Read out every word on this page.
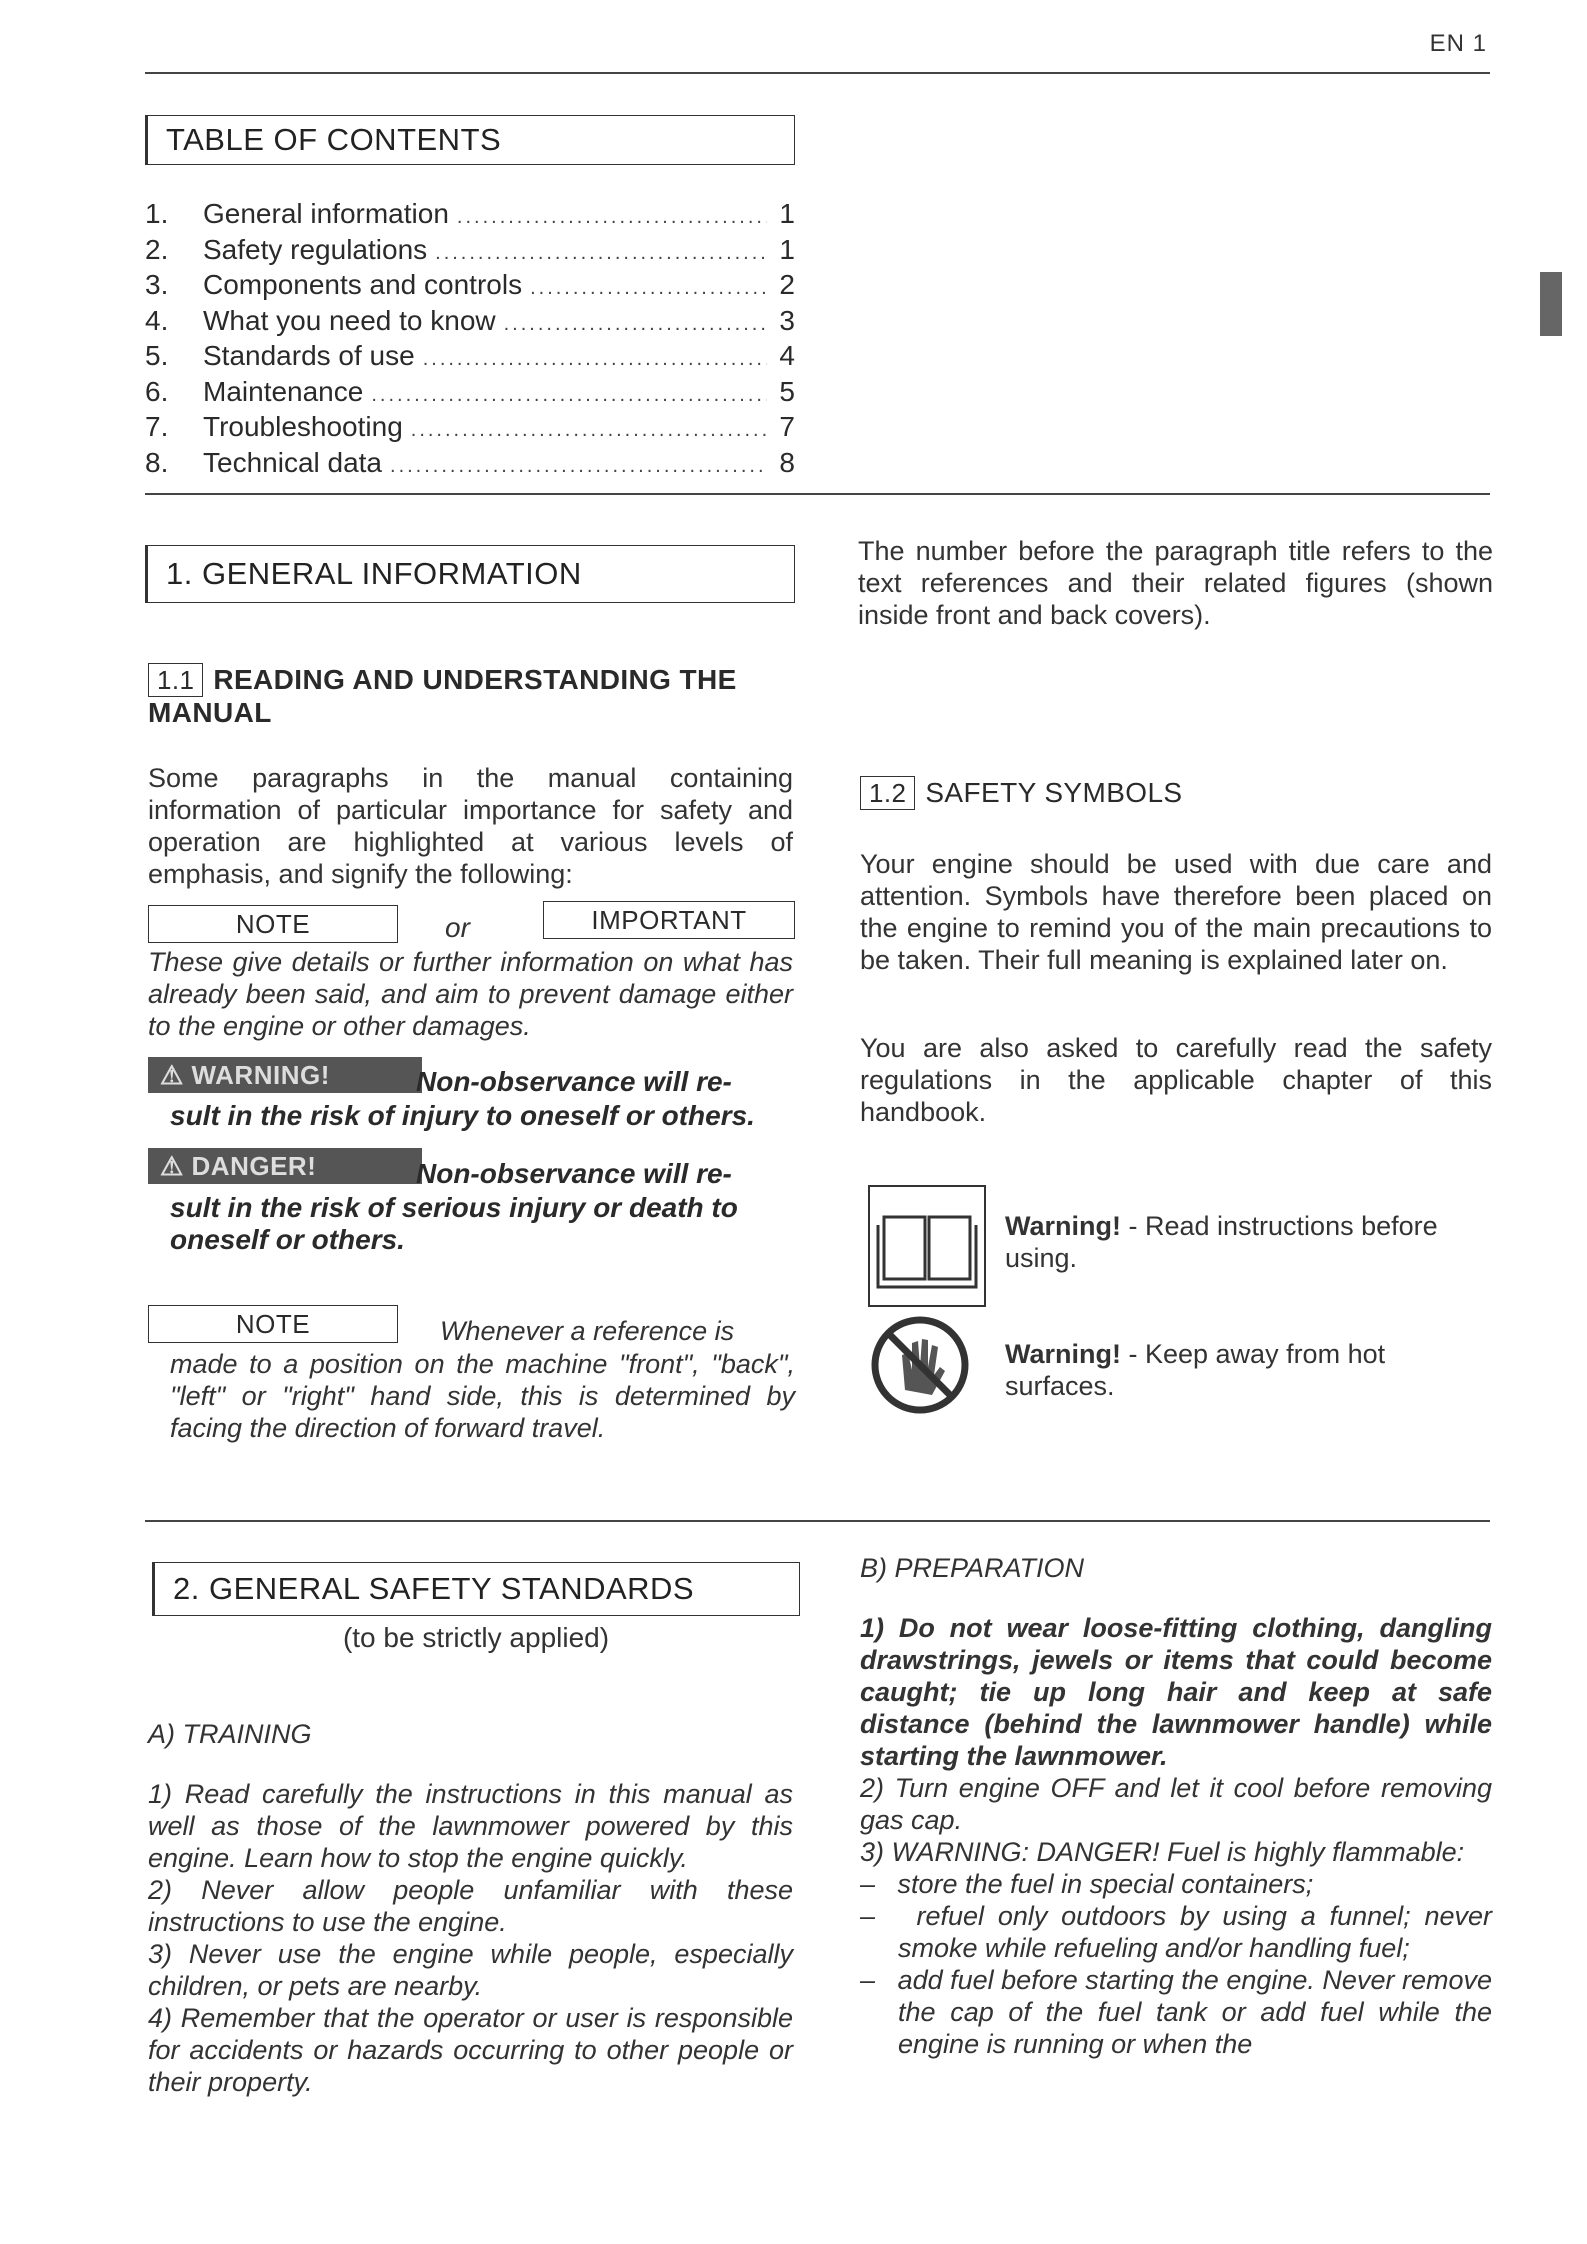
EN 1
TABLE OF CONTENTS
1.	General information .....	1
2.	Safety regulations .....	1
3.	Components and controls .....	2
4.	What you need to know .....	3
5.	Standards of use .....	4
6.	Maintenance .....	5
7.	Troubleshooting .....	7
8.	Technical data .....	8
1. GENERAL INFORMATION
The number before the paragraph title refers to the text references and their related figures (shown inside front and back covers).
1.1 READING AND UNDERSTANDING THE
MANUAL
Some paragraphs in the manual containing information of particular importance for safety and operation are highlighted at various levels of emphasis, and signify the following:
NOTE	or	IMPORTANT
These give details or further information on what has already been said, and aim to prevent damage either to the engine or other damages.
⚠ WARNING!	Non-observance will re-
sult in the risk of injury to oneself or others.
⚠ DANGER!	Non-observance will re-
sult in the risk of serious injury or death to oneself or others.
NOTE	Whenever a reference is
made to a position on the machine "front", "back", "left" or "right" hand side, this is determined by facing the direction of forward travel.
1.2 SAFETY SYMBOLS
Your engine should be used with due care and attention. Symbols have therefore been placed on the engine to remind you of the main precautions to be taken. Their full meaning is explained later on.
You are also asked to carefully read the safety regulations in the applicable chapter of this handbook.
Warning! - Read instructions before using.
Warning! - Keep away from hot surfaces.
2. GENERAL SAFETY STANDARDS
(to be strictly applied)
A) TRAINING
1) Read carefully the instructions in this manual as well as those of the lawnmower powered by this engine. Learn how to stop the engine quickly.
2) Never allow people unfamiliar with these instructions to use the engine.
3) Never use the engine while people, especially children, or pets are nearby.
4) Remember that the operator or user is responsible for accidents or hazards occurring to other people or their property.
B) PREPARATION
1) Do not wear loose-fitting clothing, dangling drawstrings, jewels or items that could become caught; tie up long hair and keep at safe distance (behind the lawnmower handle) while starting the lawnmower.
2) Turn engine OFF and let it cool before removing gas cap.
3) WARNING: DANGER! Fuel is highly flammable:
–   store the fuel in special containers;
–   refuel only outdoors by using a funnel; never smoke while refueling and/or handling fuel;
–   add fuel before starting the engine. Never remove the cap of the fuel tank or add fuel while the engine is running or when the
